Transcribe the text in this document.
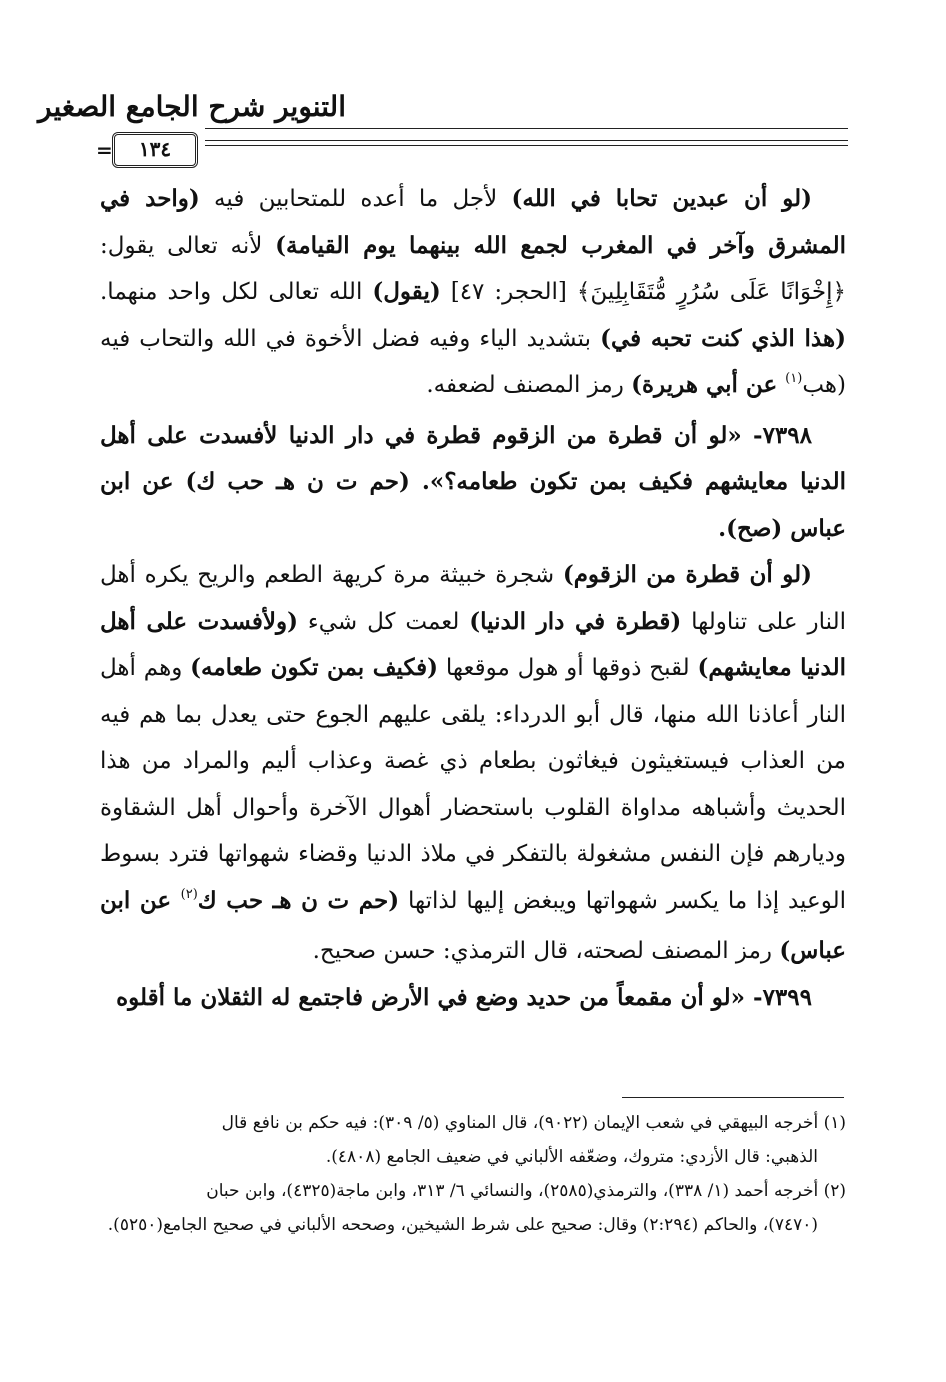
التنوير شرح الجامع الصغير
=	١٣٤

(لو أن عبدين تحابا في الله) لأجل ما أعده للمتحابين فيه (واحد في المشرق وآخر في المغرب لجمع الله بينهما يوم القيامة) لأنه تعالى يقول: ﴿إِخْوَانًا عَلَى سُرُرٍ مُّتَقَابِلِينَ﴾ [الحجر: ٤٧] (يقول) الله تعالى لكل واحد منهما. (هذا الذي كنت تحبه في) بتشديد الياء وفيه فضل الأخوة في الله والتحاب فيه (هب$^{(١)}$ عن أبي هريرة) رمز المصنف لضعفه.

٧٣٩٨- «لو أن قطرة من الزقوم قطرة في دار الدنيا لأفسدت على أهل الدنيا معايشهم فكيف بمن تكون طعامه؟». (حم ت ن هـ حب ك) عن ابن عباس (صح).

(لو أن قطرة من الزقوم) شجرة خبيثة مرة كريهة الطعم والريح يكره أهل النار على تناولها (قطرة في دار الدنيا) لعمت كل شيء (ولأفسدت على أهل الدنيا معايشهم) لقبح ذوقها أو هول موقعها (فكيف بمن تكون طعامه) وهم أهل النار أعاذنا الله منها، قال أبو الدرداء: يلقى عليهم الجوع حتى يعدل بما هم فيه من العذاب فيستغيثون فيغاثون بطعام ذي غصة وعذاب أليم والمراد من هذا الحديث وأشباهه مداواة القلوب باستحضار أهوال الآخرة وأحوال أهل الشقاوة وديارهم فإن النفس مشغولة بالتفكر في ملاذ الدنيا وقضاء شهواتها فترد بسوط الوعيد إذا ما يكسر شهواتها ويبغض إليها لذاتها (حم ت ن هـ حب ك$^{(٢)}$ عن ابن عباس) رمز المصنف لصحته، قال الترمذي: حسن صحيح.

٧٣٩٩- «لو أن مقمعاً من حديد وضع في الأرض فاجتمع له الثقلان ما أقلوه

(١) أخرجه البيهقي في شعب الإيمان (٩٠٢٢)، قال المناوي (٥/ ٣٠٩): فيه حكم بن نافع قال

الذهبي: قال الأزدي: متروك، وضعّفه الألباني في ضعيف الجامع (٤٨٠٨).

(٢) أخرجه أحمد (١/ ٣٣٨)، والترمذي(٢٥٨٥)، والنسائي ٦/ ٣١٣، وابن ماجة(٤٣٢٥)، وابن حبان

(٧٤٧٠)، والحاكم (٢:٢٩٤) وقال: صحيح على شرط الشيخين، وصححه الألباني في صحيح الجامع(٥٢٥٠).
